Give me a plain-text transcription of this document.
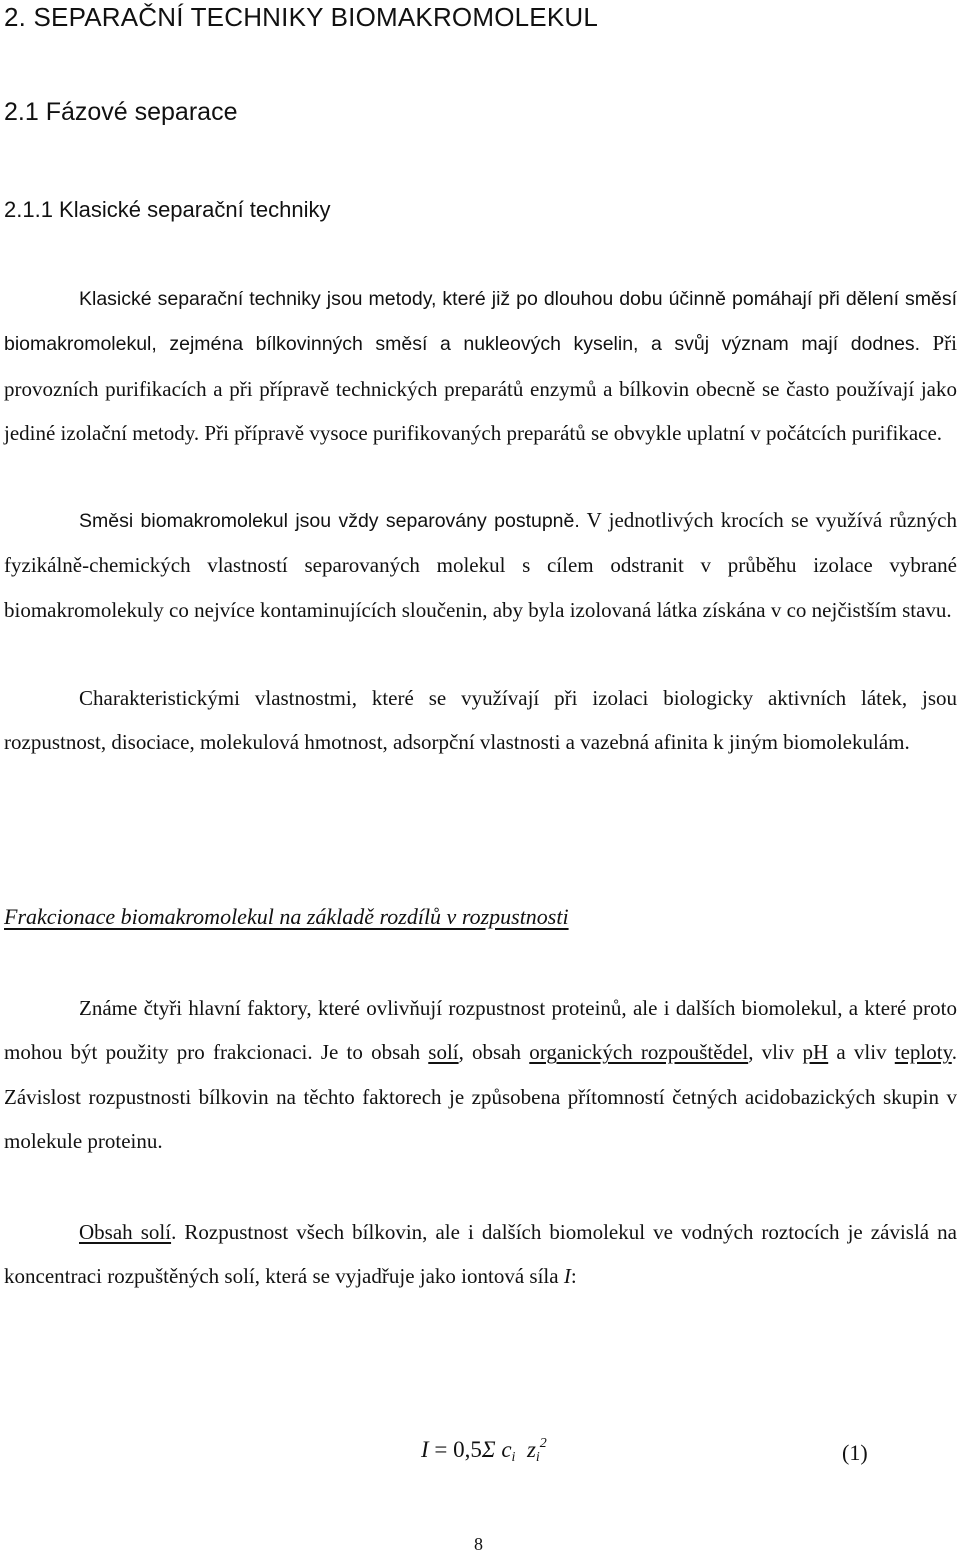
2. SEPARAČNÍ TECHNIKY BIOMAKROMOLEKUL
2.1 Fázové separace
2.1.1 Klasické separační techniky
Klasické separační techniky jsou metody, které již po dlouhou dobu účinně pomáhají při dělení směsí biomakromolekul, zejména bílkovinných směsí a nukleových kyselin, a svůj význam mají dodnes. Při provozních purifikacích a při přípravě technických preparátů enzymů a bílkovin obecně se často používají jako jediné izolační metody. Při přípravě vysoce purifikovaných preparátů se obvykle uplatní v počátcích purifikace.
Směsi biomakromolekul jsou vždy separovány postupně. V jednotlivých krocích se využívá různých fyzikálně-chemických vlastností separovaných molekul s cílem odstranit v průběhu izolace vybrané biomakromolekuly co nejvíce kontaminujících sloučenin, aby byla izolovaná látka získána v co nejčistším stavu.
Charakteristickými vlastnostmi, které se využívají při izolaci biologicky aktivních látek, jsou rozpustnost, disociace, molekulová hmotnost, adsorpční vlastnosti a vazebná afinita k jiným biomolekulám.
Frakcionace biomakromolekul na základě rozdílů v rozpustnosti
Známe čtyři hlavní faktory, které ovlivňují rozpustnost proteinů, ale i dalších biomolekul, a které proto mohou být použity pro frakcionaci. Je to obsah solí, obsah organických rozpouštědel, vliv pH a vliv teploty. Závislost rozpustnosti bílkovin na těchto faktorech je způsobena přítomností četných acidobazických skupin v molekule proteinu.
Obsah solí. Rozpustnost všech bílkovin, ale i dalších biomolekul ve vodných roztocích je závislá na koncentraci rozpuštěných solí, která se vyjadřuje jako iontová síla I:
I = 0,5Σ $c_i$ $z_i^2$	(1)
8
